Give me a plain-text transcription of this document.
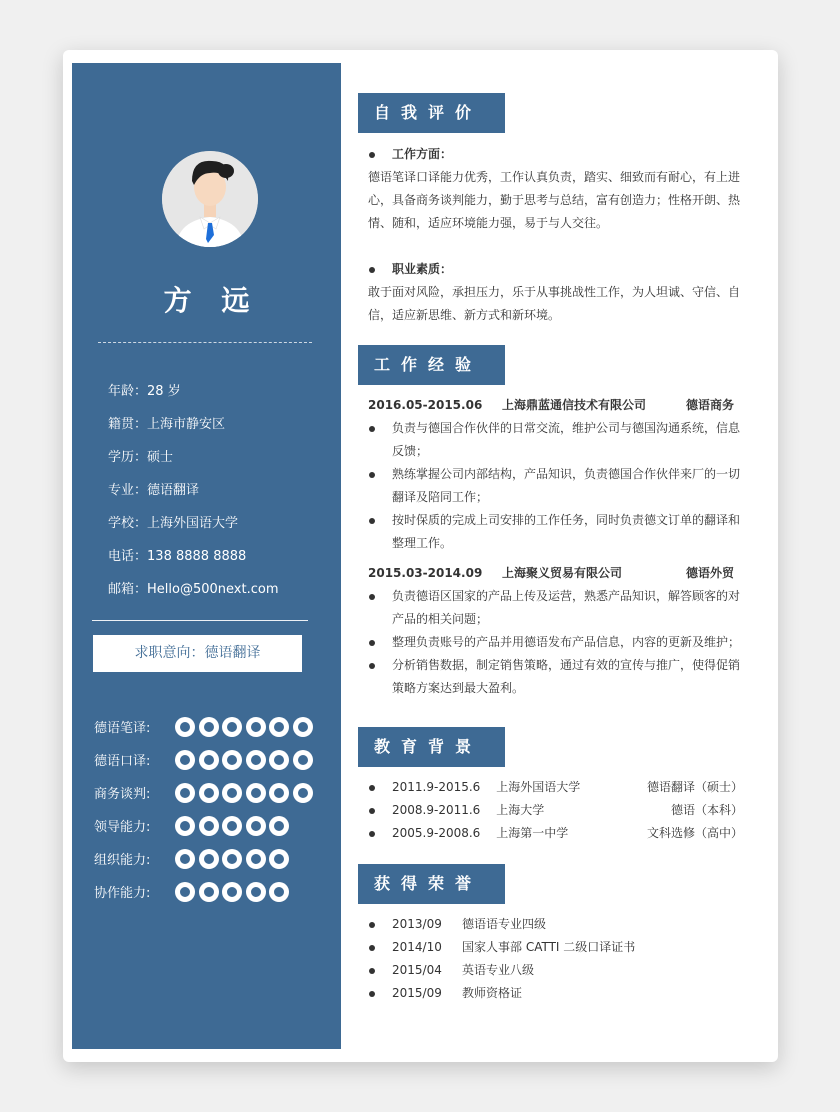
方 远
年龄：28 岁
籍贯：上海市静安区
学历：硕士
专业：德语翻译
学校：上海外国语大学
电话：138 8888 8888
邮箱：Hello@500next.com
求职意向：德语翻译
德语笔译:
德语口译:
商务谈判:
领导能力:
组织能力:
协作能力:
自我评价
工作方面：
德语笔译口译能力优秀，工作认真负责，踏实、细致而有耐心，有上进心，具备商务谈判能力，勤于思考与总结，富有创造力；性格开朗、热情、随和，适应环境能力强，易于与人交往。
职业素质：
敢于面对风险，承担压力，乐于从事挑战性工作，为人坦诚、守信、自信，适应新思维、新方式和新环境。
工作经验
2016.05-2015.06	上海鼎蓝通信技术有限公司	德语商务
负责与德国合作伙伴的日常交流，维护公司与德国沟通系统，信息反馈；
熟练掌握公司内部结构，产品知识，负责德国合作伙伴来厂的一切翻译及陪同工作；
按时保质的完成上司安排的工作任务，同时负责德文订单的翻译和整理工作。
2015.03-2014.09	上海聚义贸易有限公司	德语外贸
负责德语区国家的产品上传及运营，熟悉产品知识，解答顾客的对产品的相关问题；
整理负责账号的产品并用德语发布产品信息，内容的更新及维护；
分析销售数据，制定销售策略，通过有效的宣传与推广，使得促销策略方案达到最大盈利。
教育背景
2011.9-2015.6	上海外国语大学	德语翻译（硕士）
2008.9-2011.6	上海大学	德语（本科）
2005.9-2008.6	上海第一中学	文科选修（高中）
获得荣誉
2013/09	德语语专业四级
2014/10	国家人事部 CATTI 二级口译证书
2015/04	英语专业八级
2015/09	教师资格证
